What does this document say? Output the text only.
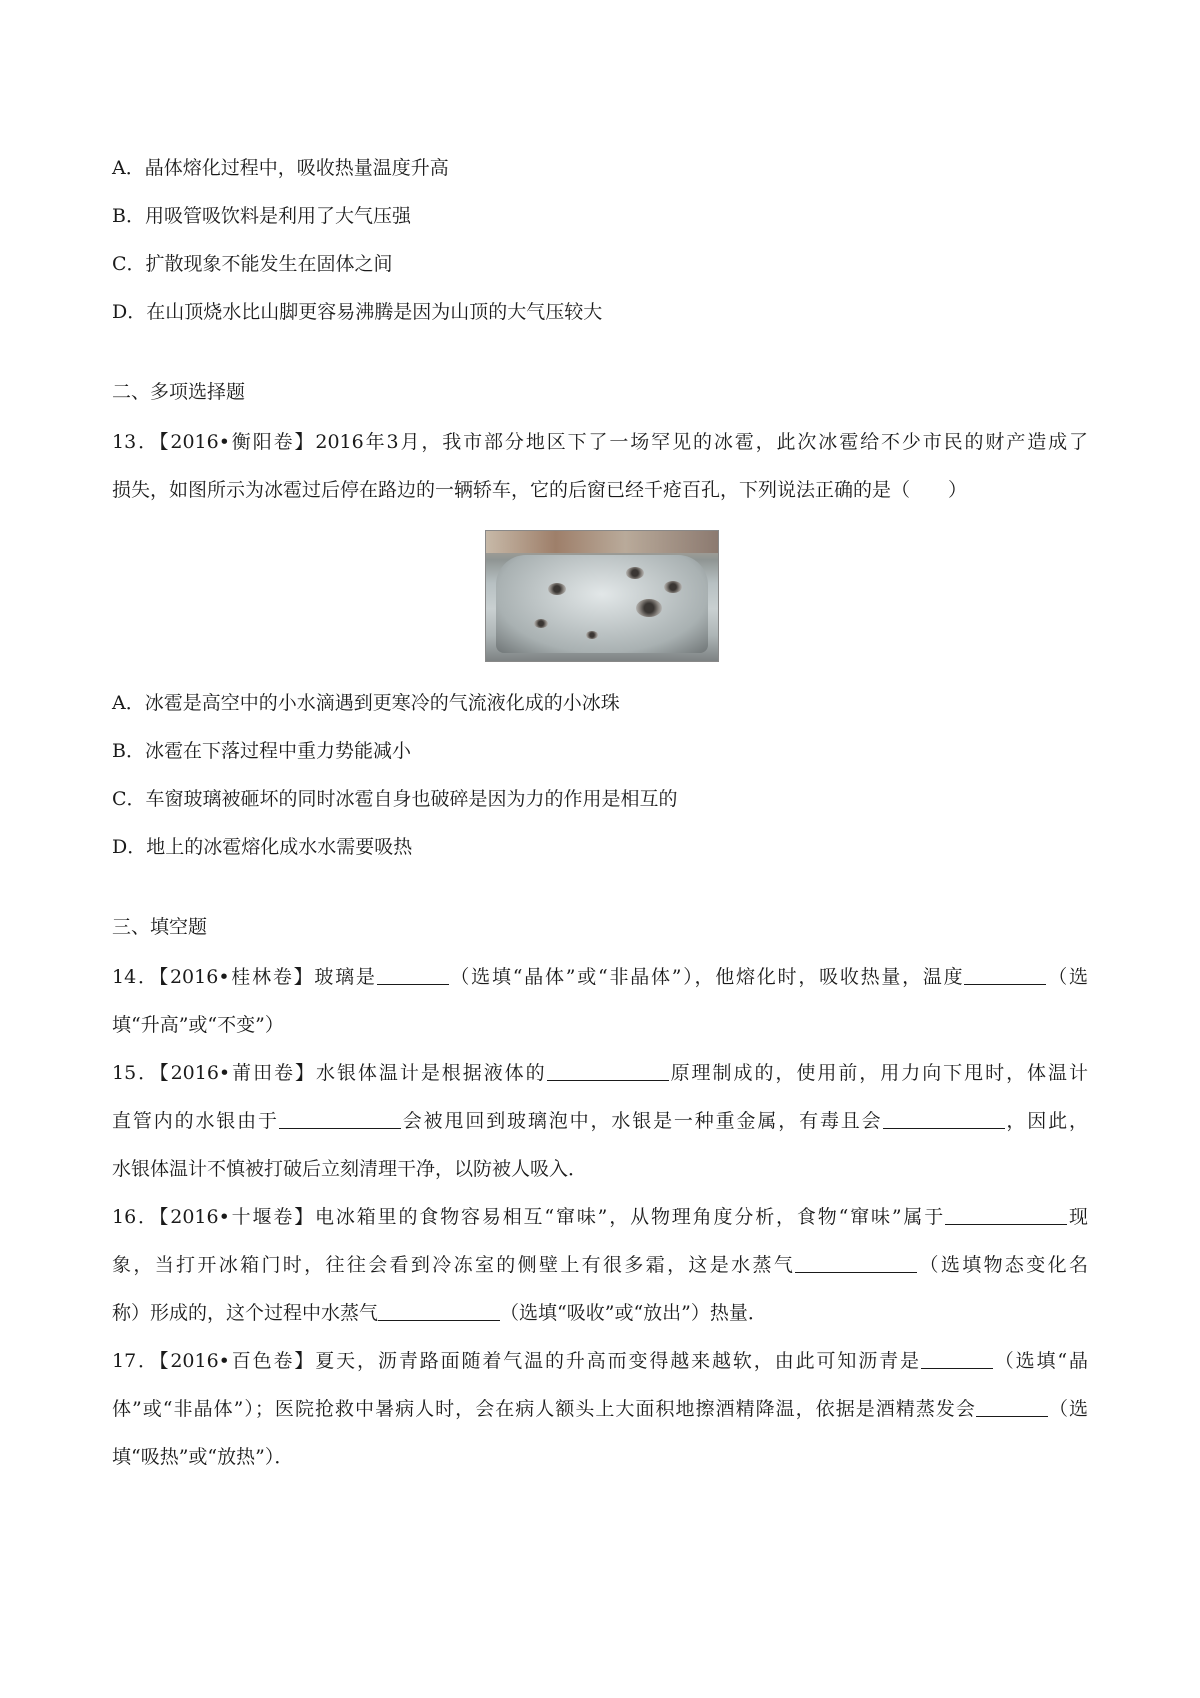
A．晶体熔化过程中，吸收热量温度升高
B．用吸管吸饮料是利用了大气压强
C．扩散现象不能发生在固体之间
D．在山顶烧水比山脚更容易沸腾是因为山顶的大气压较大
二、多项选择题
13．【2016•衡阳卷】2016年3月，我市部分地区下了一场罕见的冰雹，此次冰雹给不少市民的财产造成了
损失，如图所示为冰雹过后停在路边的一辆轿车，它的后窗已经千疮百孔，下列说法正确的是（　　）
A．冰雹是高空中的小水滴遇到更寒冷的气流液化成的小冰珠
B．冰雹在下落过程中重力势能减小
C．车窗玻璃被砸坏的同时冰雹自身也破碎是因为力的作用是相互的
D．地上的冰雹熔化成水水需要吸热
三、填空题
14．【2016•桂林卷】玻璃是	（选填“晶体”或“非晶体”），他熔化时，吸收热量，温度	（选
填“升高”或“不变”）
15．【2016•莆田卷】水银体温计是根据液体的	原理制成的，使用前，用力向下甩时，体温计
直管内的水银由于	会被甩回到玻璃泡中，水银是一种重金属，有毒且会	，因此，
水银体温计不慎被打破后立刻清理干净，以防被人吸入．
16．【2016•十堰卷】电冰箱里的食物容易相互“窜味”，从物理角度分析，食物“窜味”属于	现
象，当打开冰箱门时，往往会看到冷冻室的侧壁上有很多霜，这是水蒸气	（选填物态变化名
称）形成的，这个过程中水蒸气	（选填“吸收”或“放出”）热量．
17．【2016•百色卷】夏天，沥青路面随着气温的升高而变得越来越软，由此可知沥青是	（选填“晶
体”或“非晶体”）；医院抢救中暑病人时，会在病人额头上大面积地擦酒精降温，依据是酒精蒸发会	（选
填“吸热”或“放热”）．
